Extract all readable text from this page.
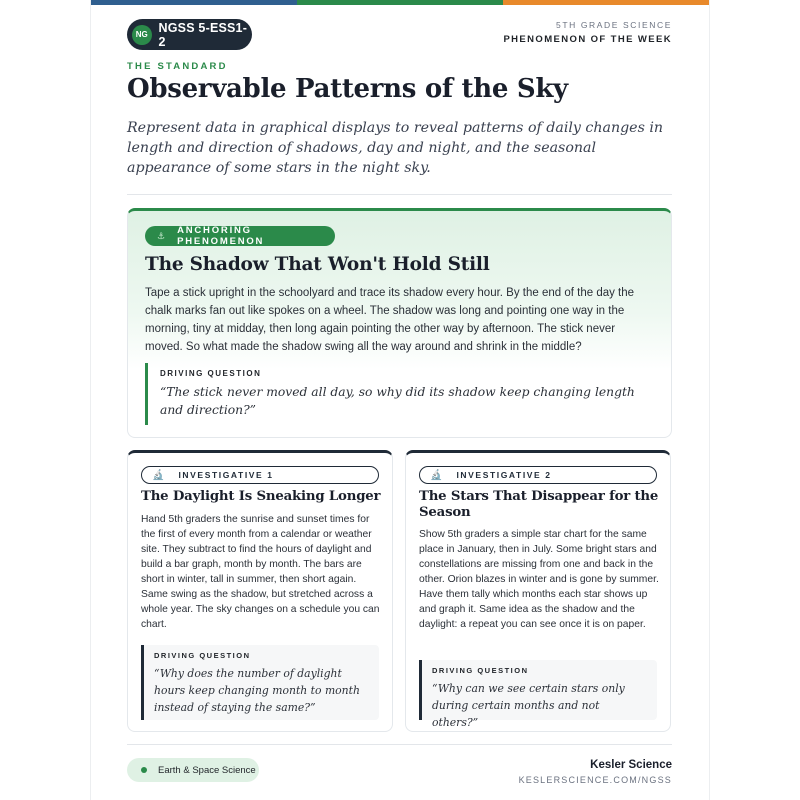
NG NGSS 5-ESS1-2
5TH GRADE SCIENCE
PHENOMENON OF THE WEEK
THE STANDARD
Observable Patterns of the Sky

Represent data in graphical displays to reveal patterns of daily changes in length and direction of shadows, day and night, and the seasonal appearance of some stars in the night sky.

⚓ ANCHORING PHENOMENON
The Shadow That Won't Hold Still

Tape a stick upright in the schoolyard and trace its shadow every hour. By the end of the day the chalk marks fan out like spokes on a wheel. The shadow was long and pointing one way in the morning, tiny at midday, then long again pointing the other way by afternoon. The stick never moved. So what made the shadow swing all the way around and shrink in the middle?

DRIVING QUESTION
“The stick never moved all day, so why did its shadow keep changing length and direction?”
🔬 INVESTIGATIVE 1
The Daylight Is Sneaking Longer

Hand 5th graders the sunrise and sunset times for the first of every month from a calendar or weather site. They subtract to find the hours of daylight and build a bar graph, month by month. The bars are short in winter, tall in summer, then short again. Same swing as the shadow, but stretched across a whole year. The sky changes on a schedule you can chart.

DRIVING QUESTION
“Why does the number of daylight hours keep changing month to month instead of staying the same?”
🔬 INVESTIGATIVE 2
The Stars That Disappear for the Season

Show 5th graders a simple star chart for the same place in January, then in July. Some bright stars and constellations are missing from one and back in the other. Orion blazes in winter and is gone by summer. Have them tally which months each star shows up and graph it. Same idea as the shadow and the daylight: a repeat you can see once it is on paper.

DRIVING QUESTION
“Why can we see certain stars only during certain months and not others?”
Earth & Space Science	Kesler Science
KESLERSCIENCE.COM/NGSS
